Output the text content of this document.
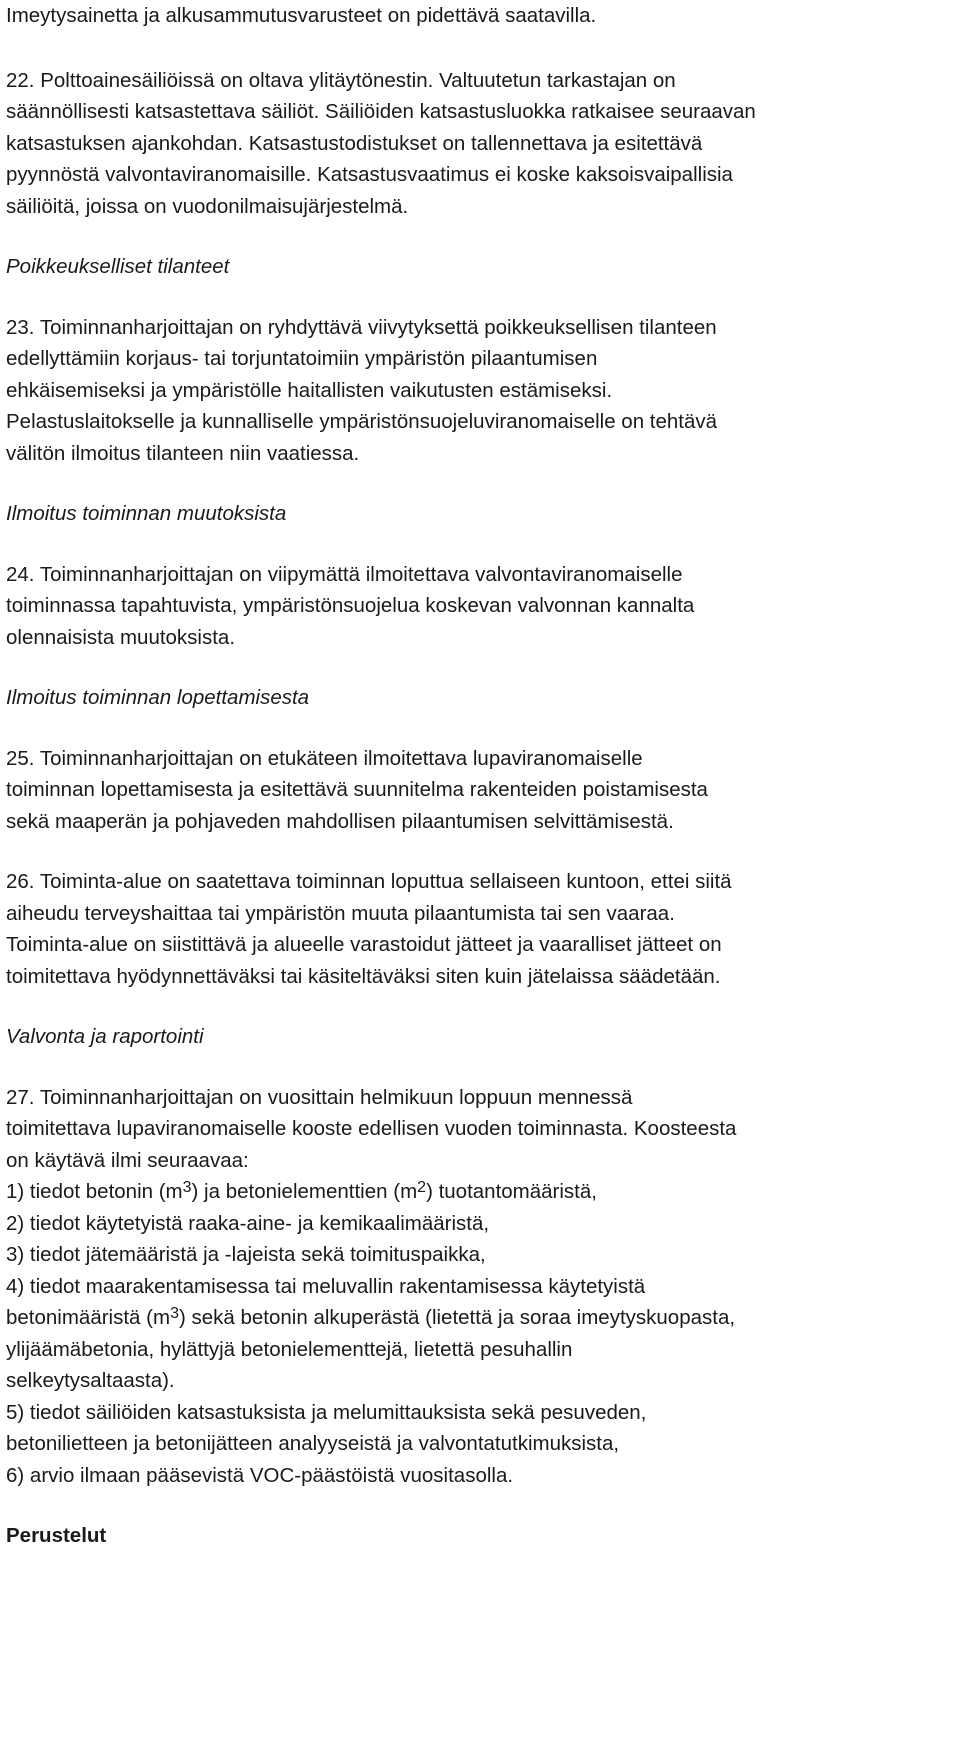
Imeytysainetta ja alkusammutusvarusteet on pidettävä saatavilla.

22. Polttoainesäiliöissä on oltava ylitäytönestin. Valtuutetun tarkastajan on

säännöllisesti katsastettava säiliöt. Säiliöiden katsastusluokka ratkaisee seuraavan

katsastuksen ajankohdan. Katsastustodistukset on tallennettava ja esitettävä

pyynnöstä valvontaviranomaisille. Katsastusvaatimus ei koske kaksoisvaipallisia

säiliöitä, joissa on vuodonilmaisujärjestelmä.

Poikkeukselliset tilanteet

23. Toiminnanharjoittajan on ryhdyttävä viivytyksettä poikkeuksellisen tilanteen

edellyttämiin korjaus- tai torjuntatoimiin ympäristön pilaantumisen

ehkäisemiseksi ja ympäristölle haitallisten vaikutusten estämiseksi.

Pelastuslaitokselle ja kunnalliselle ympäristönsuojeluviranomaiselle on tehtävä

välitön ilmoitus tilanteen niin vaatiessa.

Ilmoitus toiminnan muutoksista

24. Toiminnanharjoittajan on viipymättä ilmoitettava valvontaviranomaiselle

toiminnassa tapahtuvista, ympäristönsuojelua koskevan valvonnan kannalta

olennaisista muutoksista.

Ilmoitus toiminnan lopettamisesta

25. Toiminnanharjoittajan on etukäteen ilmoitettava lupaviranomaiselle

toiminnan lopettamisesta ja esitettävä suunnitelma rakenteiden poistamisesta

sekä maaperän ja pohjaveden mahdollisen pilaantumisen selvittämisestä.

26. Toiminta-alue on saatettava toiminnan loputtua sellaiseen kuntoon, ettei siitä

aiheudu terveyshaittaa tai ympäristön muuta pilaantumista tai sen vaaraa.

Toiminta-alue on siistittävä ja alueelle varastoidut jätteet ja vaaralliset jätteet on

toimitettava hyödynnettäväksi tai käsiteltäväksi siten kuin jätelaissa säädetään.

Valvonta ja raportointi

27. Toiminnanharjoittajan on vuosittain helmikuun loppuun mennessä

toimitettava lupaviranomaiselle kooste edellisen vuoden toiminnasta. Koosteesta

on käytävä ilmi seuraavaa:

1) tiedot betonin $(m^3)$ ja betonielementtien $(m^2)$ tuotantomääristä,

2) tiedot käytetyistä raaka-aine- ja kemikaalimääristä,

3) tiedot jätemääristä ja -lajeista sekä toimituspaikka,

4) tiedot maarakentamisessa tai meluvallin rakentamisessa käytetyistä

betonimääristä $(m^3)$ sekä betonin alkuperästä (lietettä ja soraa imeytyskuopasta,

ylijäämäbetonia, hylättyjä betonielementtejä, lietettä pesuhallin

selkeytysaltaasta).

5) tiedot säiliöiden katsastuksista ja melumittauksista sekä pesuveden,

betonilietteen ja betonijätteen analyyseistä ja valvontatutkimuksista,

6) arvio ilmaan pääsevistä VOC-päästöistä vuositasolla.

Perustelut
